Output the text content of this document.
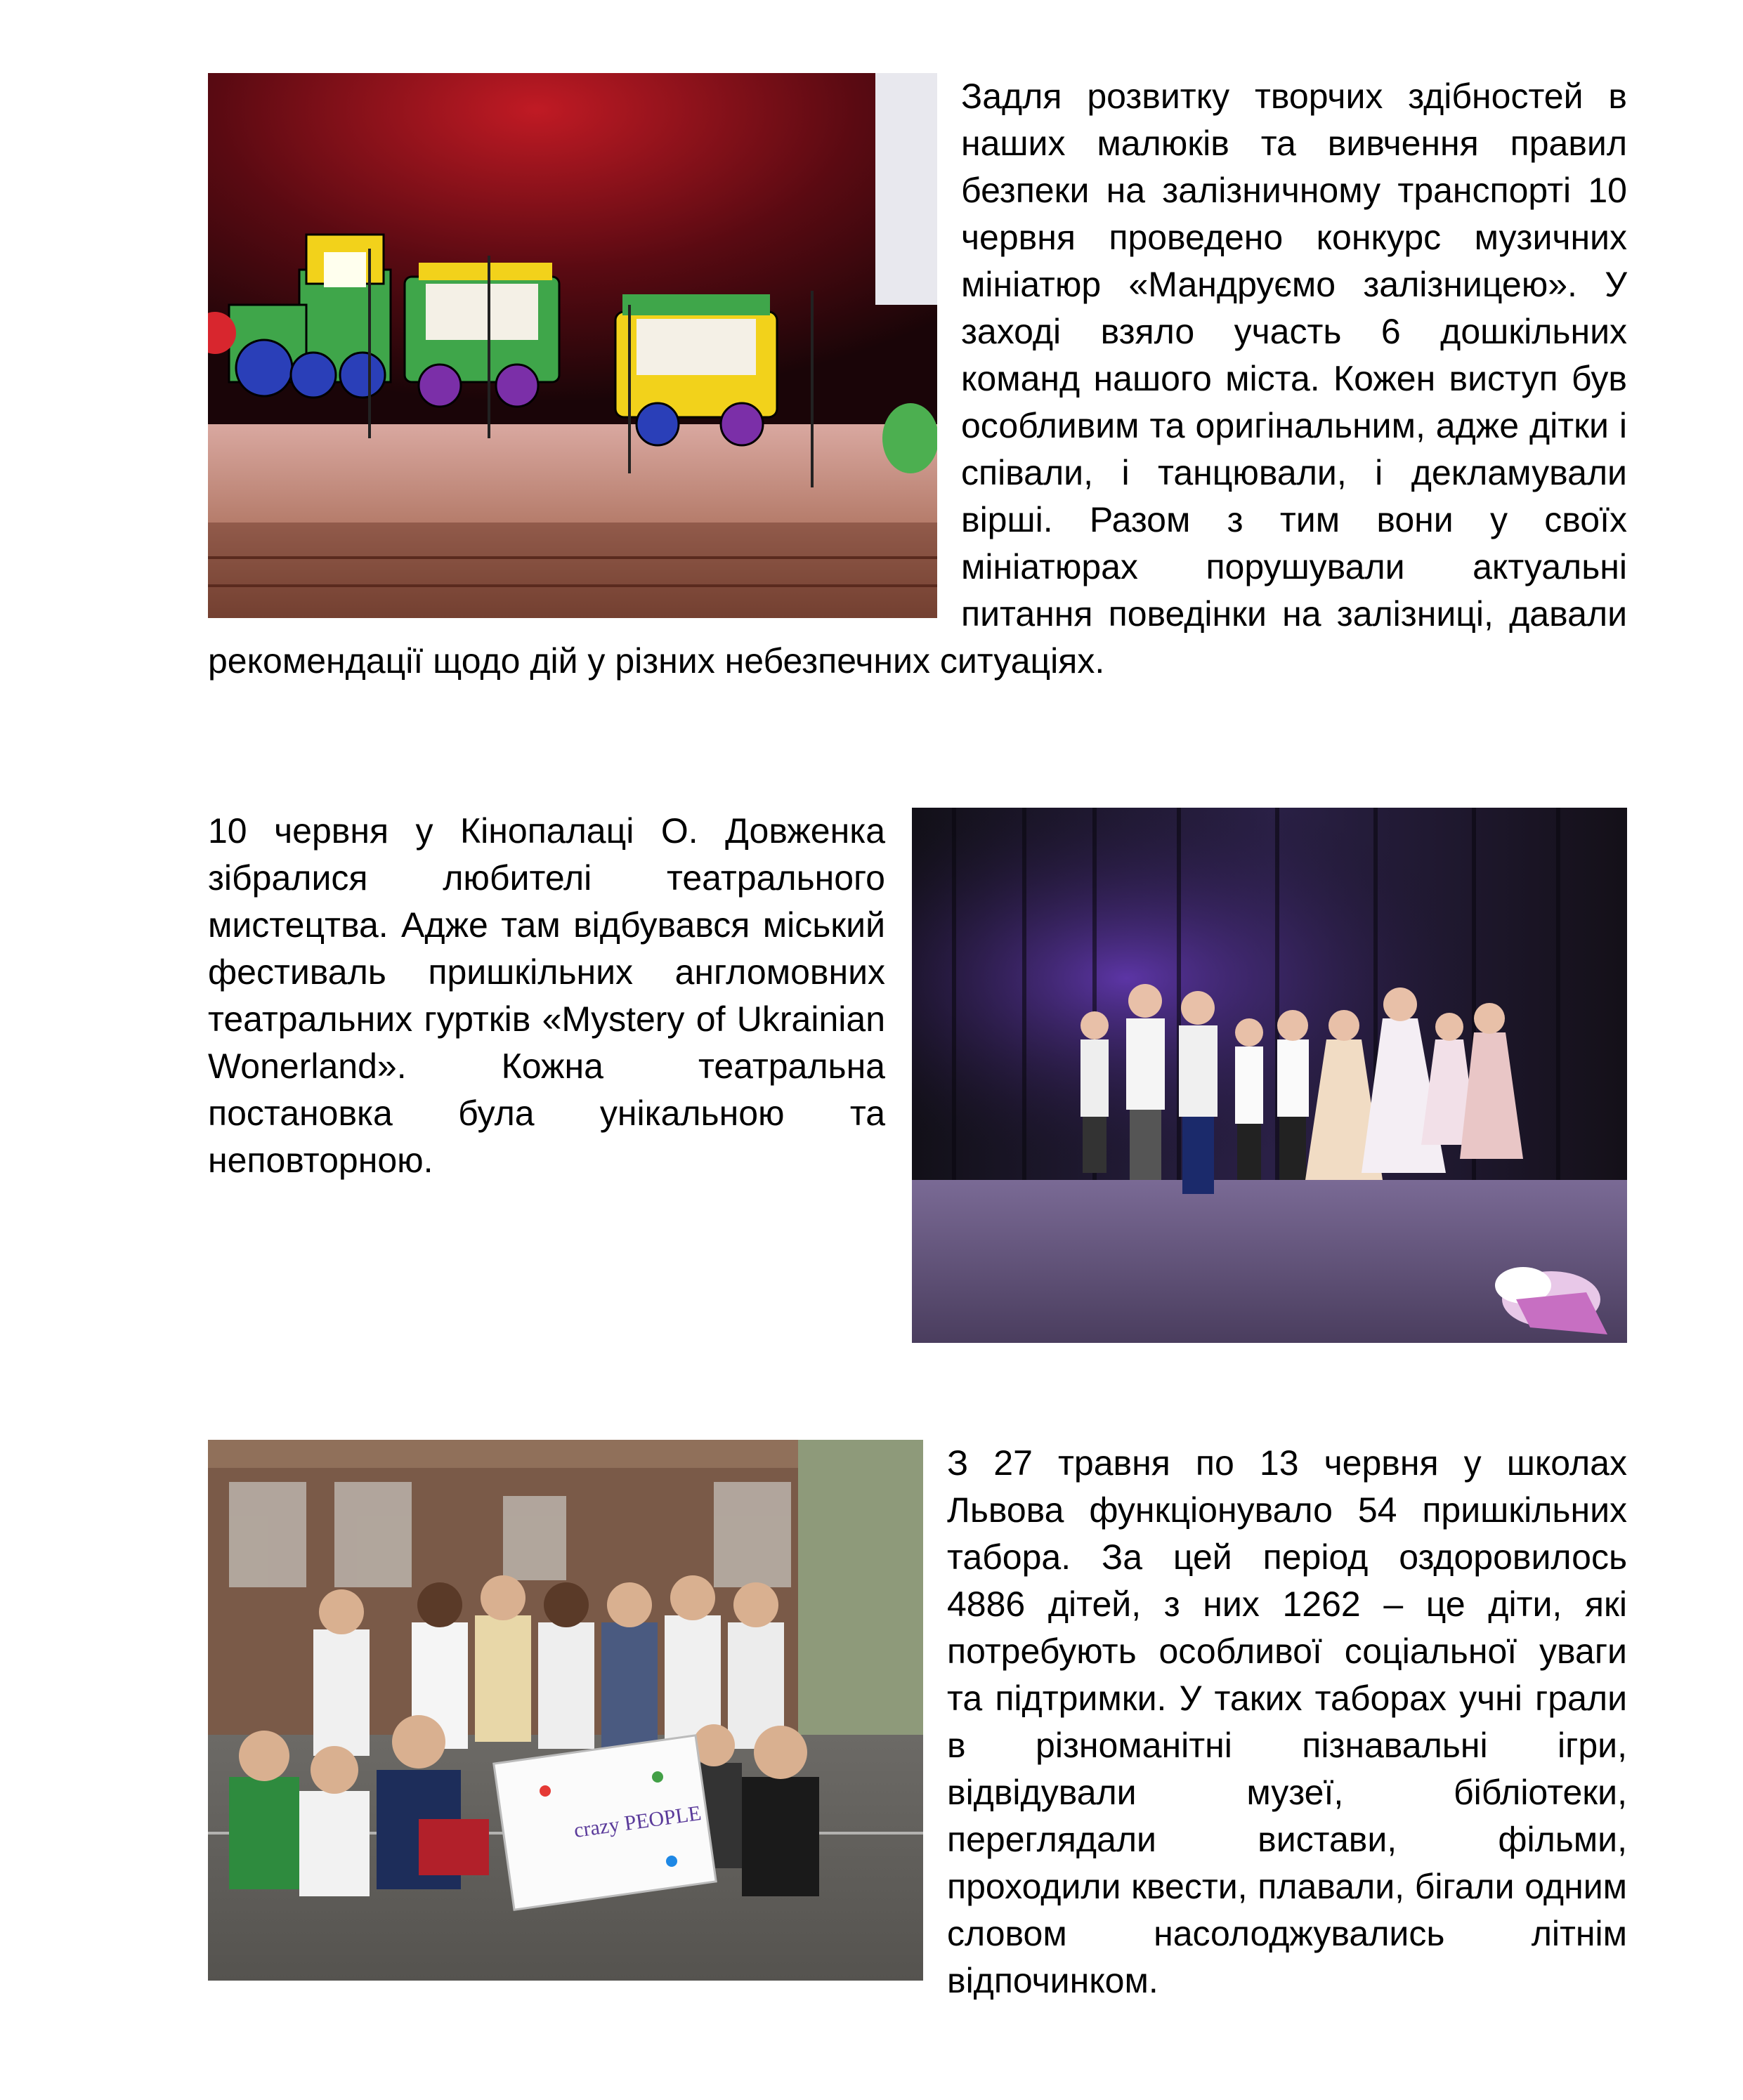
Задля розвитку творчих здібностей в наших малюків та вивчення правил безпеки на залізничному транспорті 10 червня проведено конкурс музичних мініатюр «Мандруємо залізницею». У заході взяло участь 6 дошкільних команд нашого міста. Кожен виступ був особливим та оригінальним, адже дітки і співали, і танцювали, і декламували вірші. Разом з тим вони у своїх мініатюрах порушували актуальні питання поведінки на залізниці, давали рекомендації щодо дій у різних небезпечних ситуаціях.

10 червня у Кінопалаці О. Довженка зібралися любителі театрального мистецтва. Адже там відбувався міський фестиваль пришкільних англомовних театральних гуртків «Mystery of Ukrainian Wonerland». Кожна театральна постановка була унікальною та неповторною.

crazy PEOPLE

З 27 травня по 13 червня у школах Львова функціонувало 54 пришкільних табора. За цей період оздоровилось 4886 дітей, з них 1262 – це діти, які потребують особливої соціальної уваги та підтримки. У таких таборах учні грали в різноманітні пізнавальні ігри, відвідували музеї, бібліотеки, переглядали вистави, фільми, проходили квести, плавали, бігали одним словом насолоджувались літнім відпочинком.
